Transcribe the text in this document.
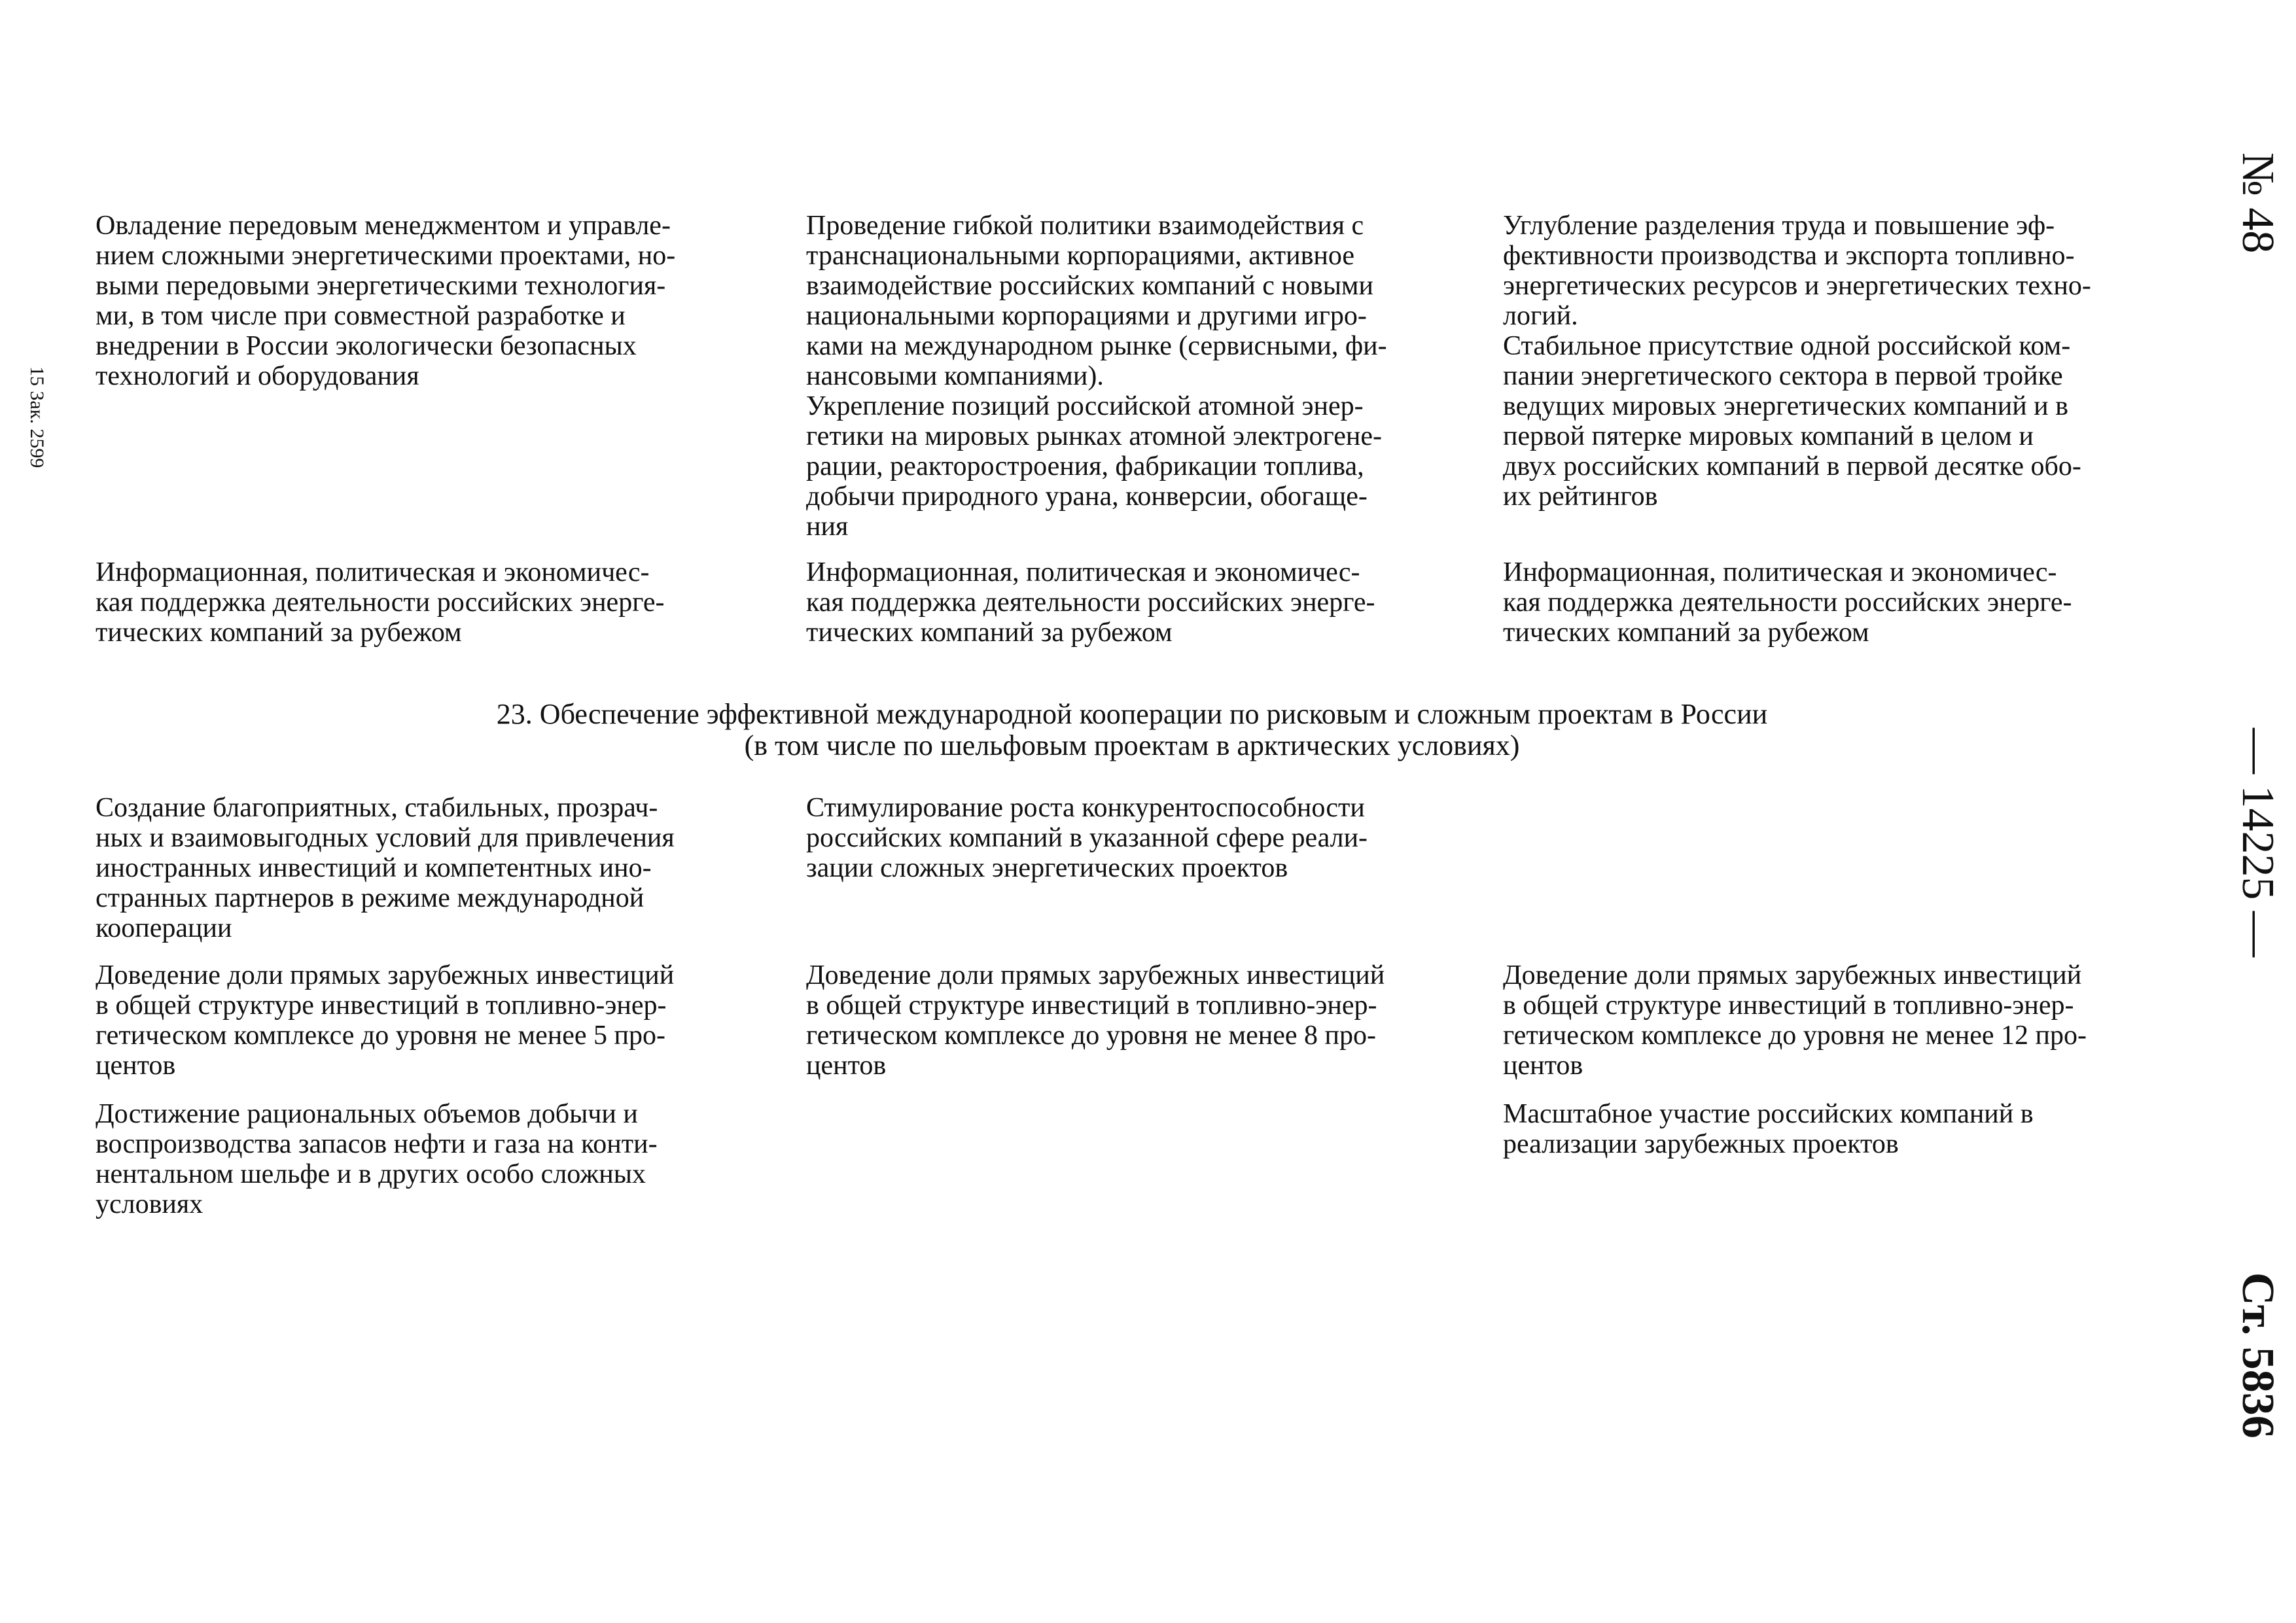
15 Зак. 2599
№ 48
— 14225 —
Ст. 5836

Овладение передовым менеджментом и управле-
нием сложными энергетическими проектами, но-
выми передовыми энергетическими технология-
ми, в том числе при совместной разработке и
внедрении в России экологически безопасных
технологий и оборудования

Проведение гибкой политики взаимодействия с
транснациональными корпорациями, активное
взаимодействие российских компаний с новыми
национальными корпорациями и другими игро-
ками на международном рынке (сервисными, фи-
нансовыми компаниями).
Укрепление позиций российской атомной энер-
гетики на мировых рынках атомной электрогене-
рации, реакторостроения, фабрикации топлива,
добычи природного урана, конверсии, обогаще-
ния

Углубление разделения труда и повышение эф-
фективности производства и экспорта топливно-
энергетических ресурсов и энергетических техно-
логий.
Стабильное присутствие одной российской ком-
пании энергетического сектора в первой тройке
ведущих мировых энергетических компаний и в
первой пятерке мировых компаний в целом и
двух российских компаний в первой десятке обо-
их рейтингов

Информационная, политическая и экономичес-
кая поддержка деятельности российских энерге-
тических компаний за рубежом

Информационная, политическая и экономичес-
кая поддержка деятельности российских энерге-
тических компаний за рубежом

Информационная, политическая и экономичес-
кая поддержка деятельности российских энерге-
тических компаний за рубежом

23. Обеспечение эффективной международной кооперации по рисковым и сложным проектам в России
(в том числе по шельфовым проектам в арктических условиях)

Создание благоприятных, стабильных, прозрач-
ных и взаимовыгодных условий для привлечения
иностранных инвестиций и компетентных ино-
странных партнеров в режиме международной
кооперации

Стимулирование роста конкурентоспособности
российских компаний в указанной сфере реали-
зации сложных энергетических проектов

Доведение доли прямых зарубежных инвестиций
в общей структуре инвестиций в топливно-энер-
гетическом комплексе до уровня не менее 5 про-
центов

Доведение доли прямых зарубежных инвестиций
в общей структуре инвестиций в топливно-энер-
гетическом комплексе до уровня не менее 8 про-
центов

Доведение доли прямых зарубежных инвестиций
в общей структуре инвестиций в топливно-энер-
гетическом комплексе до уровня не менее 12 про-
центов

Достижение рациональных объемов добычи и
воспроизводства запасов нефти и газа на конти-
нентальном шельфе и в других особо сложных
условиях

Масштабное участие российских компаний в
реализации зарубежных проектов
